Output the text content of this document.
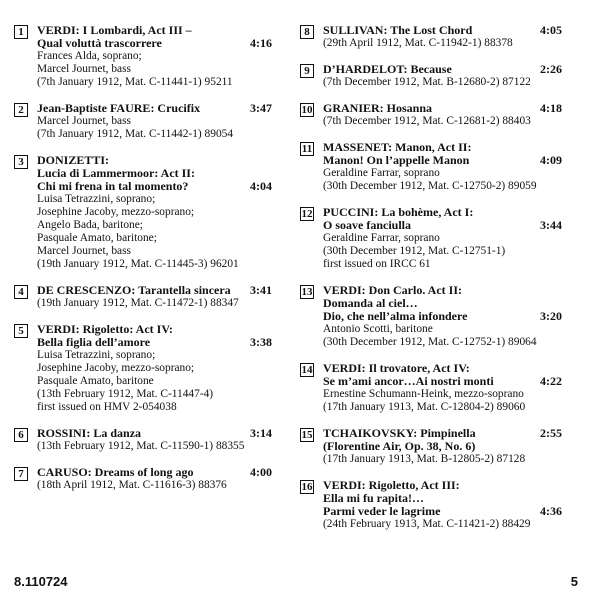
1	VERDI: I Lombardi, Act III –
Qual voluttà trascorrere	4:16
Frances Alda, soprano;
Marcel Journet, bass
(7th January 1912, Mat. C-11441-1) 95211
2	Jean-Baptiste FAURE: Crucifix	3:47
Marcel Journet, bass
(7th January 1912, Mat. C-11442-1) 89054
3	DONIZETTI:
Lucia di Lammermoor: Act II:
Chi mi frena in tal momento?	4:04
Luisa Tetrazzini, soprano;
Josephine Jacoby, mezzo-soprano;
Angelo Bada, baritone;
Pasquale Amato, baritone;
Marcel Journet, bass
(19th January 1912, Mat. C-11445-3) 96201
4	DE CRESCENZO: Tarantella sincera 3:41
(19th January 1912, Mat. C-11472-1) 88347
5	VERDI: Rigoletto: Act IV:
Bella figlia dell’amore	3:38
Luisa Tetrazzini, soprano;
Josephine Jacoby, mezzo-soprano;
Pasquale Amato, baritone
(13th February 1912, Mat. C-11447-4)
first issued on HMV 2-054038
6	ROSSINI: La danza	3:14
(13th February 1912, Mat. C-11590-1) 88355
7	CARUSO: Dreams of long ago	4:00
(18th April 1912, Mat. C-11616-3) 88376
8	SULLIVAN: The Lost Chord	4:05
(29th April 1912, Mat. C-11942-1) 88378
9	D’HARDELOT: Because	2:26
(7th December 1912, Mat. B-12680-2) 87122
10 GRANIER: Hosanna	4:18
(7th December 1912, Mat. C-12681-2) 88403
11 MASSENET: Manon, Act II:
Manon! On l’appelle Manon	4:09
Geraldine Farrar, soprano
(30th December 1912, Mat. C-12750-2) 89059
12 PUCCINI: La bohème, Act I:
O soave fanciulla	3:44
Geraldine Farrar, soprano
(30th December 1912, Mat. C-12751-1)
first issued on IRCC 61
13 VERDI: Don Carlo. Act II:
Domanda al ciel…
Dio, che nell’alma infondere	3:20
Antonio Scotti, baritone
(30th December 1912, Mat. C-12752-1) 89064
14 VERDI: Il trovatore, Act IV:
Se m’ami ancor…Ai nostri monti	4:22
Ernestine Schumann-Heink, mezzo-soprano
(17th January 1913, Mat. C-12804-2) 89060
15 TCHAIKOVSKY: Pimpinella	2:55
(Florentine Air, Op. 38, No. 6)
(17th January 1913, Mat. B-12805-2) 87128
16 VERDI: Rigoletto, Act III:
Ella mi fu rapita!…
Parmi veder le lagrime	4:36
(24th February 1913, Mat. C-11421-2) 88429
8.110724	5
